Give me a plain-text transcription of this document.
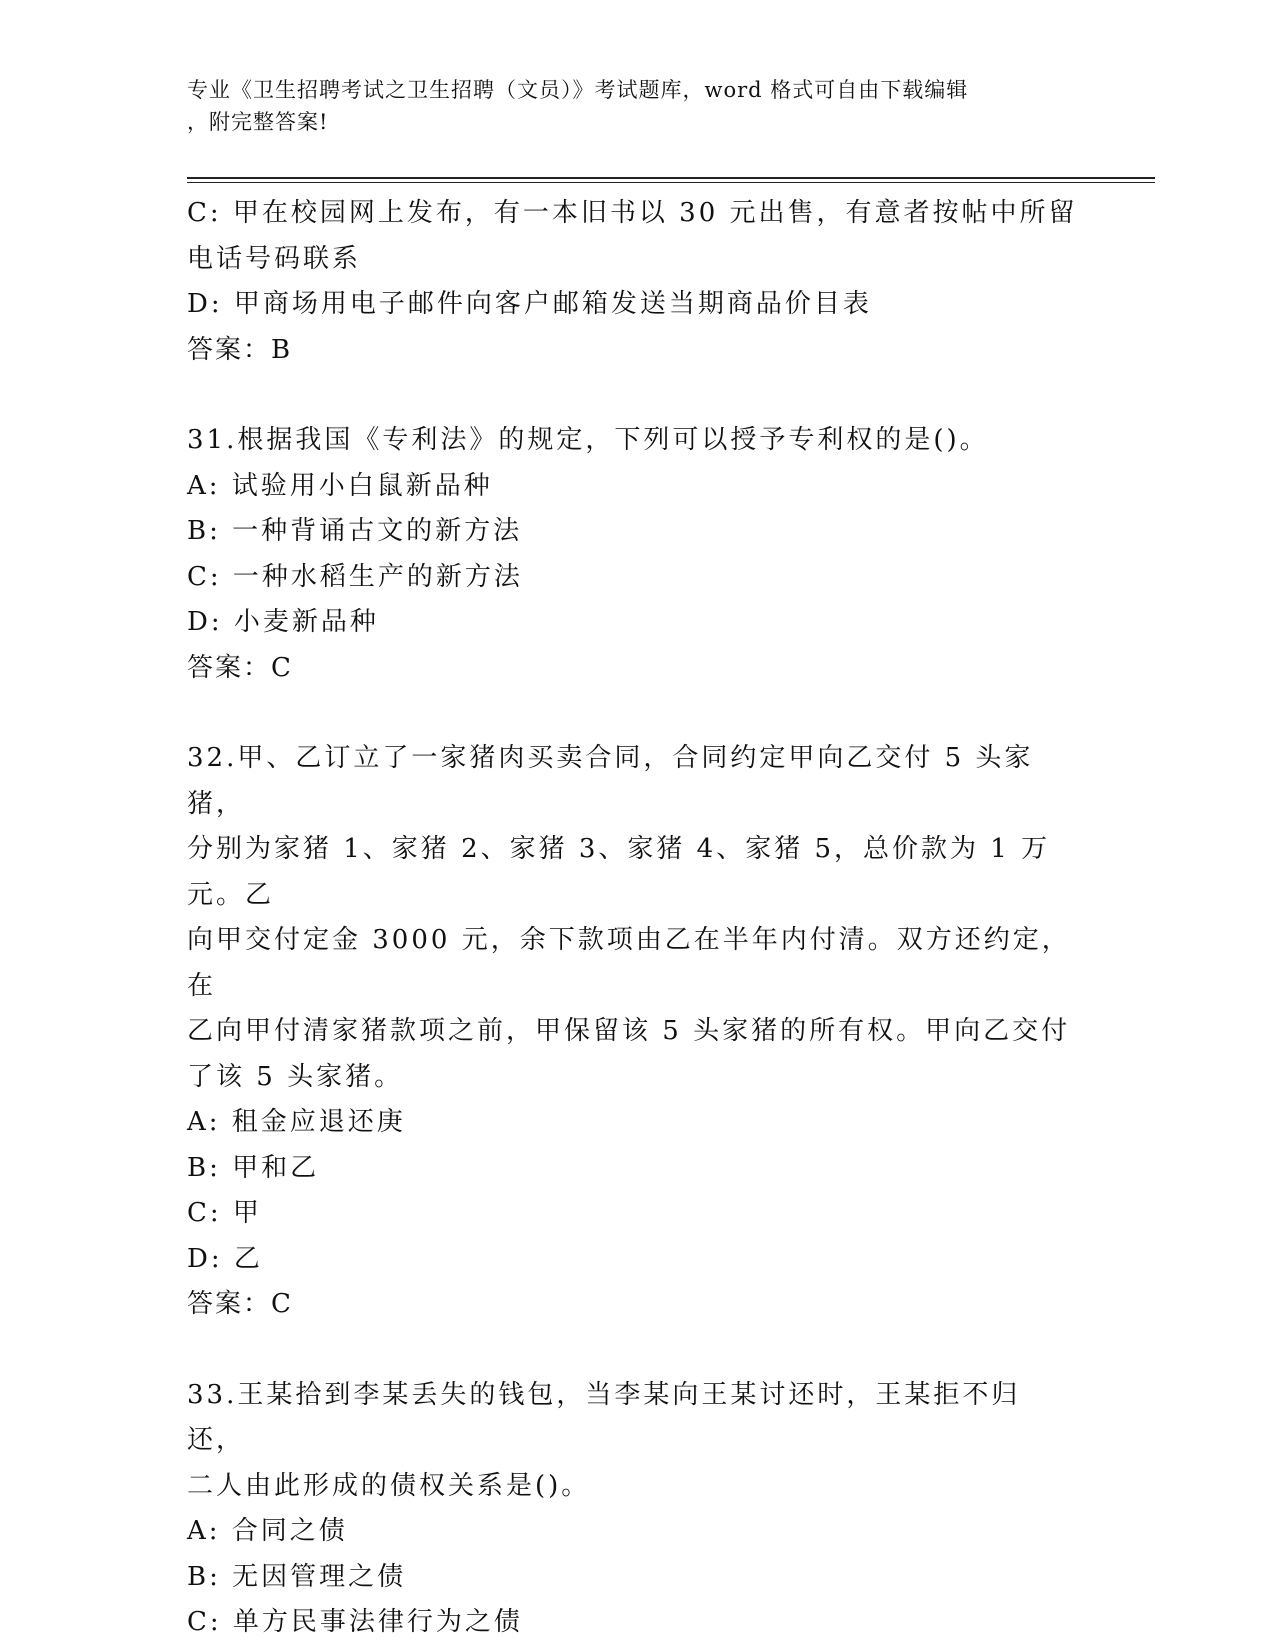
专业《卫生招聘考试之卫生招聘（文员）》考试题库，word 格式可自由下载编辑
，附完整答案!

C: 甲在校园网上发布，有一本旧书以 30 元出售，有意者按帖中所留

电话号码联系

D: 甲商场用电子邮件向客户邮箱发送当期商品价目表

答案：B

31.根据我国《专利法》的规定，下列可以授予专利权的是()。

A: 试验用小白鼠新品种

B: 一种背诵古文的新方法

C: 一种水稻生产的新方法

D: 小麦新品种

答案：C

32.甲、乙订立了一家猪肉买卖合同，合同约定甲向乙交付 5 头家猪，

分别为家猪 1、家猪 2、家猪 3、家猪 4、家猪 5，总价款为 1 万元。乙

向甲交付定金 3000 元，余下款项由乙在半年内付清。双方还约定，在

乙向甲付清家猪款项之前，甲保留该 5 头家猪的所有权。甲向乙交付

了该 5 头家猪。

A: 租金应退还庚

B: 甲和乙

C: 甲

D: 乙

答案：C

33.王某拾到李某丢失的钱包，当李某向王某讨还时，王某拒不归还，

二人由此形成的债权关系是()。

A: 合同之债

B: 无因管理之债

C: 单方民事法律行为之债
